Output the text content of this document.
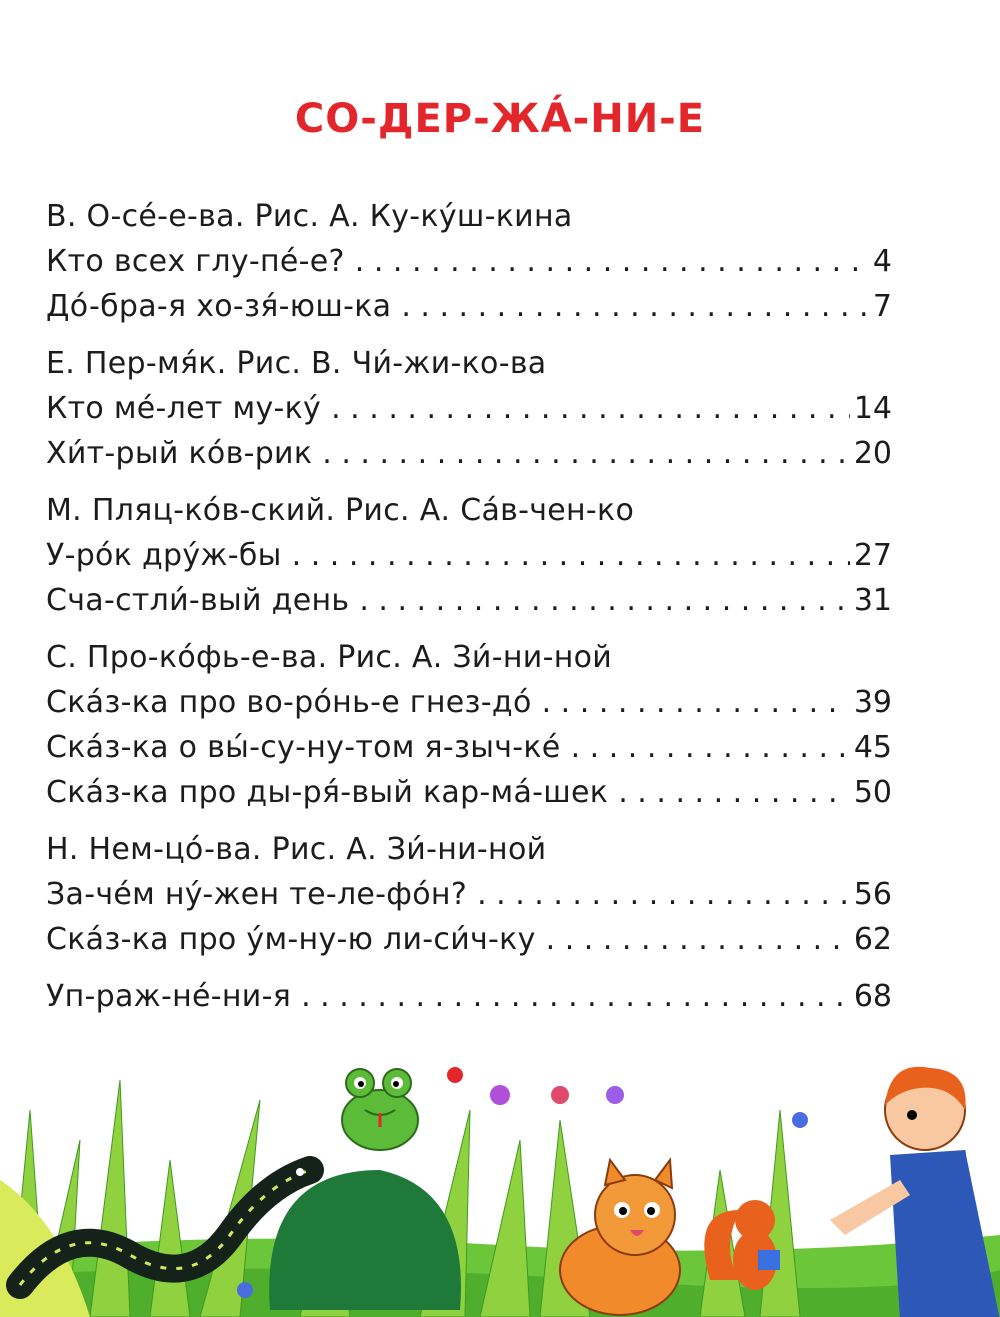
СО-ДЕР-ЖÁ-НИ-Е
В. О-сé-е-ва. Рис. А. Ку-кýш-кина
Кто всех глу-пé-е? . . .	4
Дó-бра-я хо-зя́-юш-ка . . .	7
Е. Пер-мя́к. Рис. В. Чи́-жи-ко-ва
Кто мé-лет му-кý . . .	14
Хи́т-рый кóв-рик . . .	20
М. Пляц-кóв-ский. Рис. А. Сáв-чен-ко
У-рóк дрýж-бы . . .	27
Сча-стли́-вый день . . .	31
С. Про-кóфь-е-ва. Рис. А. Зи́-ни-ной
Скáз-ка про во-рóнь-е гнез-дó . . .	39
Скáз-ка о вы́-су-ну-том я-зыч-кé . . .	45
Скáз-ка про ды-ря́-вый кар-мá-шек . . .	50
Н. Нем-цó-ва. Рис. А. Зи́-ни-ной
За-чéм нý-жен те-ле-фóн? . . .	56
Скáз-ка про ýм-ну-ю ли-си́ч-ку . . .	62
Уп-раж-нé-ни-я . . .	68
